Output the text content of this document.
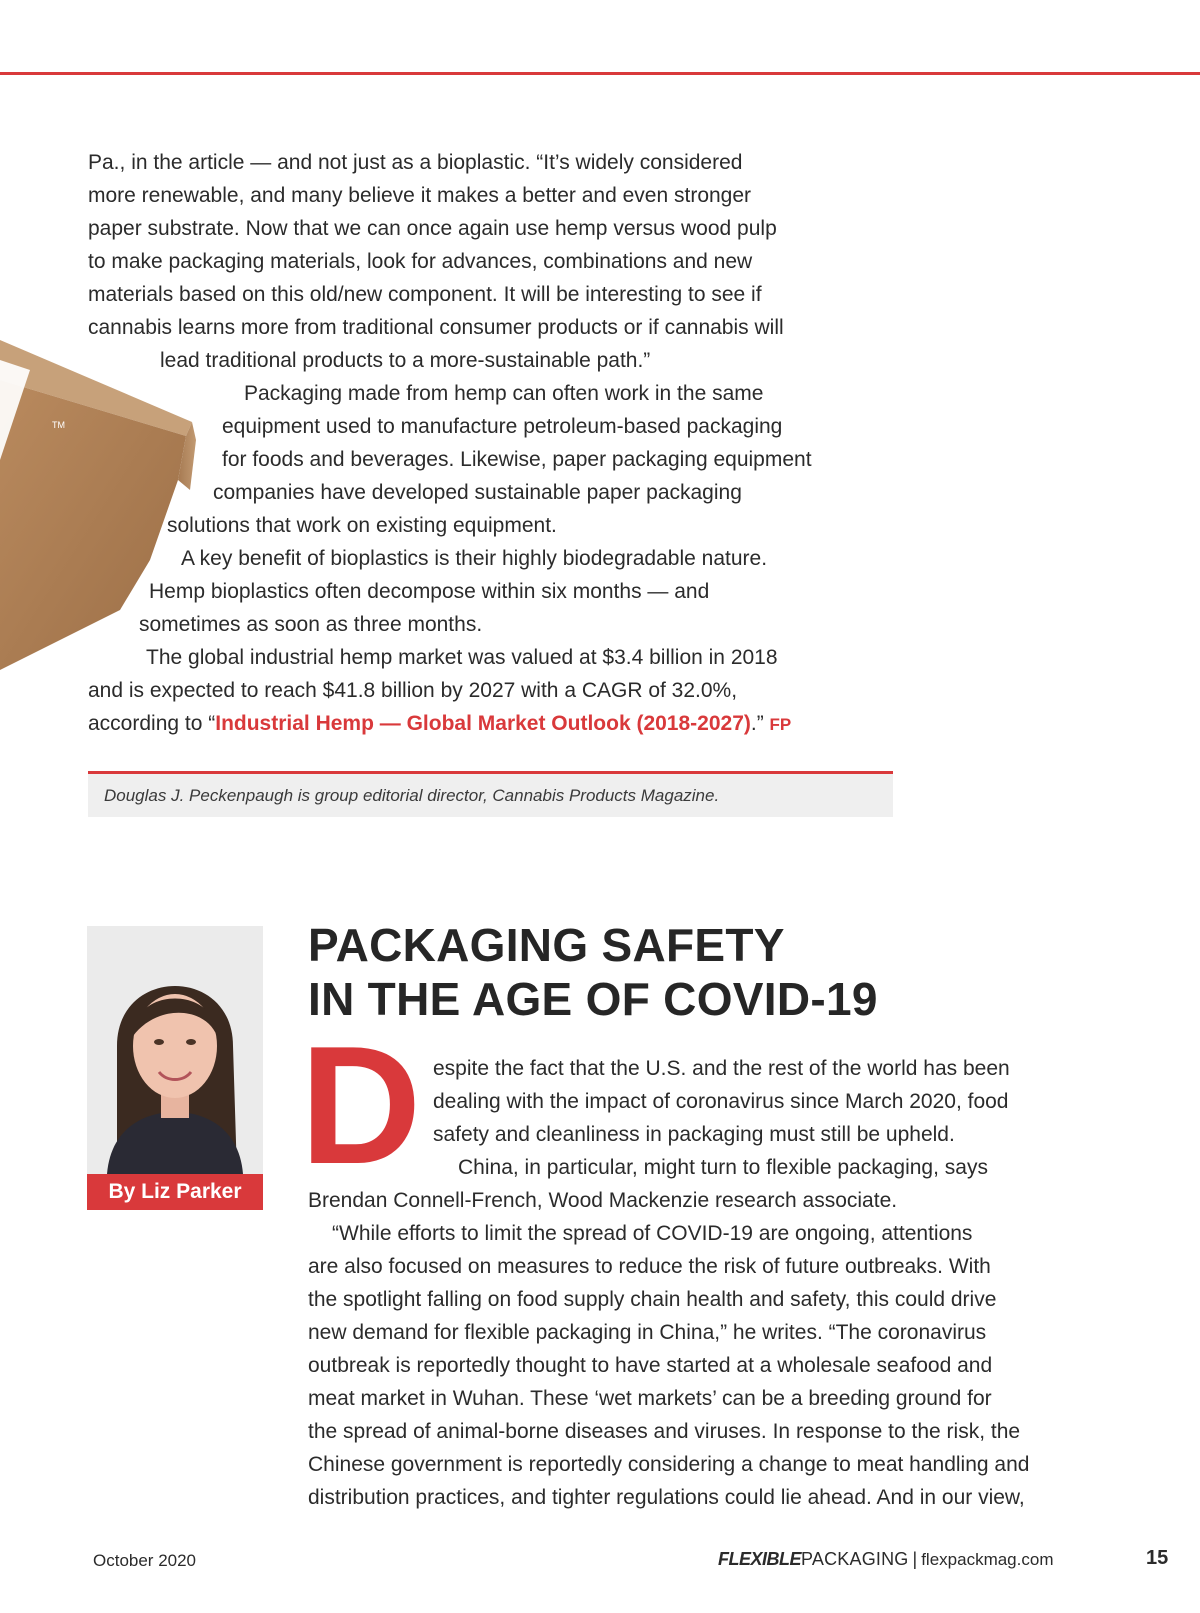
TM
Pa., in the article — and not just as a bioplastic. “It’s widely considered
more renewable, and many believe it makes a better and even stronger
paper substrate. Now that we can once again use hemp versus wood pulp
to make packaging materials, look for advances, combinations and new
materials based on this old/new component. It will be interesting to see if
cannabis learns more from traditional consumer products or if cannabis will
lead traditional products to a more-sustainable path.”
Packaging made from hemp can often work in the same
equipment used to manufacture petroleum-based packaging
for foods and beverages. Likewise, paper packaging equipment
companies have developed sustainable paper packaging
solutions that work on existing equipment.
A key benefit of bioplastics is their highly biodegradable nature.
Hemp bioplastics often decompose within six months — and
sometimes as soon as three months.
The global industrial hemp market was valued at $3.4 billion in 2018
and is expected to reach $41.8 billion by 2027 with a CAGR of 32.0%,
according to “Industrial Hemp — Global Market Outlook (2018-2027).” FP
Douglas J. Peckenpaugh is group editorial director, Cannabis Products Magazine.
By Liz Parker
PACKAGING SAFETY
IN THE AGE OF COVID-19
D espite the fact that the U.S. and the rest of the world has been
dealing with the impact of coronavirus since March 2020, food
safety and cleanliness in packaging must still be upheld.
China, in particular, might turn to flexible packaging, says
Brendan Connell-French, Wood Mackenzie research associate.
“While efforts to limit the spread of COVID-19 are ongoing, attentions
are also focused on measures to reduce the risk of future outbreaks. With
the spotlight falling on food supply chain health and safety, this could drive
new demand for flexible packaging in China,” he writes. “The coronavirus
outbreak is reportedly thought to have started at a wholesale seafood and
meat market in Wuhan. These ‘wet markets’ can be a breeding ground for
the spread of animal-borne diseases and viruses. In response to the risk, the
Chinese government is reportedly considering a change to meat handling and
distribution practices, and tighter regulations could lie ahead. And in our view,
October 2020	FLEXIBLEPACKAGING | flexpackmag.com	15
